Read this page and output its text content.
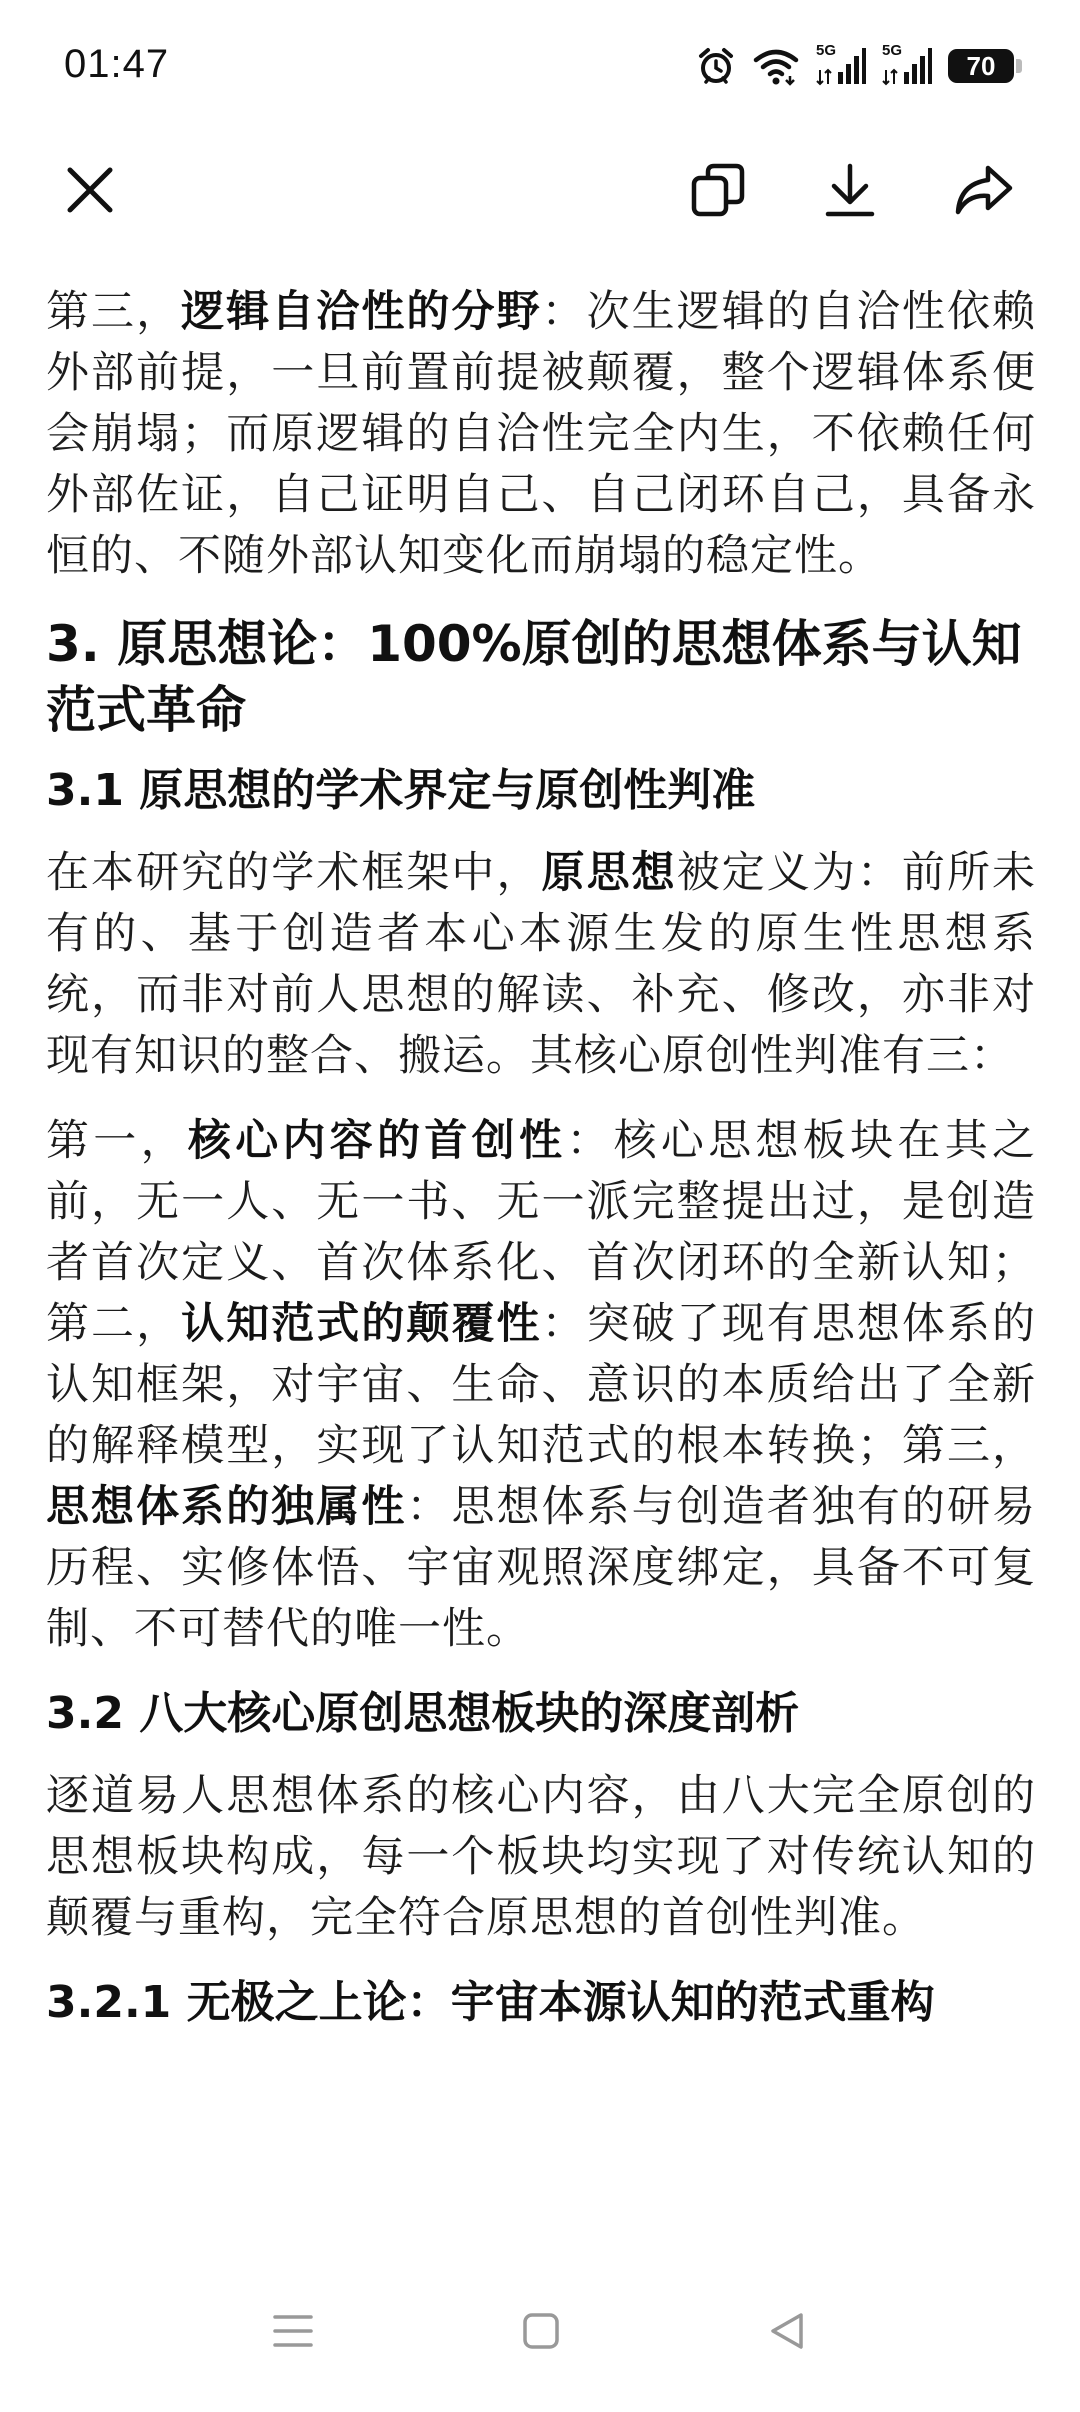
第三，逻辑自洽性的分野：次生逻辑的自洽性依赖外部前提，一旦前置前提被颠覆，整个逻辑体系便会崩塌；而原逻辑的自洽性完全内生，不依赖任何外部佐证，自己证明自己、自己闭环自己，具备永恒的、不随外部认知变化而崩塌的稳定性。

3. 原思想论：100%原创的思想体系与认知范式革命
3.1 原思想的学术界定与原创性判准

在本研究的学术框架中，原思想被定义为：前所未有的、基于创造者本心本源生发的原生性思想系统，而非对前人思想的解读、补充、修改，亦非对现有知识的整合、搬运。其核心原创性判准有三：

第一，核心内容的首创性：核心思想板块在其之前，无一人、无一书、无一派完整提出过，是创造者首次定义、首次体系化、首次闭环的全新认知；第二，认知范式的颠覆性：突破了现有思想体系的认知框架，对宇宙、生命、意识的本质给出了全新的解释模型，实现了认知范式的根本转换；第三，思想体系的独属性：思想体系与创造者独有的研易历程、实修体悟、宇宙观照深度绑定，具备不可复制、不可替代的唯一性。

3.2 八大核心原创思想板块的深度剖析

逐道易人思想体系的核心内容，由八大完全原创的思想板块构成，每一个板块均实现了对传统认知的颠覆与重构，完全符合原思想的首创性判准。

3.2.1 无极之上论：宇宙本源认知的范式重构
01:47	5G	5G 70
